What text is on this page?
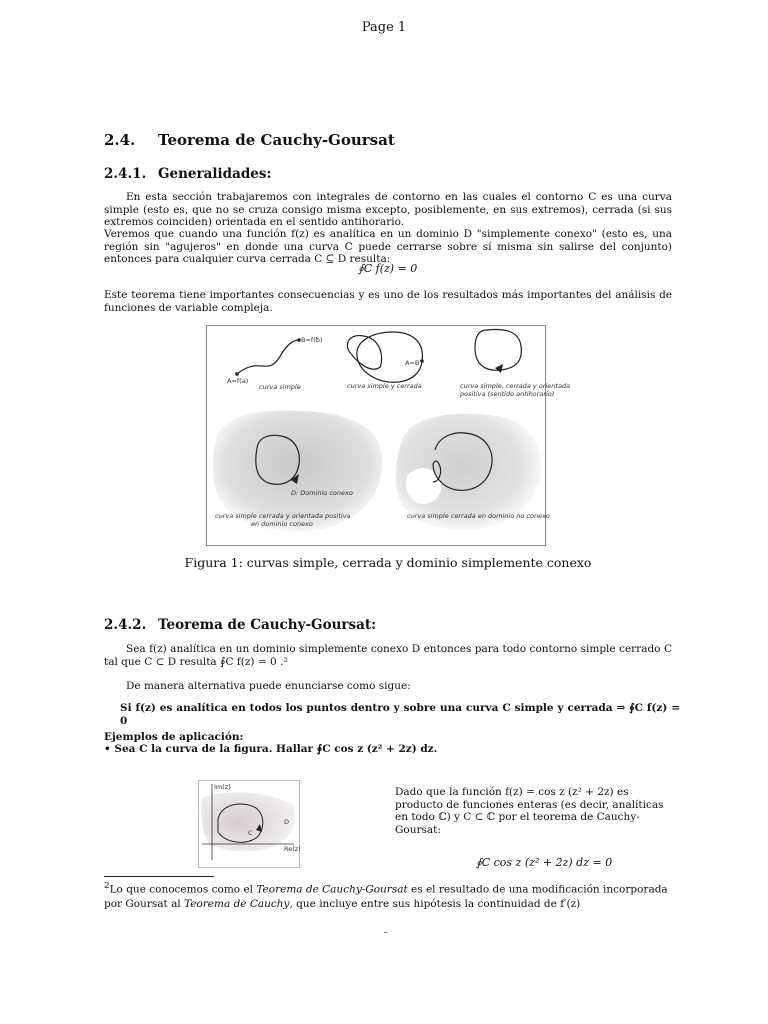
Page 1
2.4. Teorema de Cauchy-Goursat
2.4.1. Generalidades:
En esta sección trabajaremos con integrales de contorno en las cuales el contorno C es una curva simple (esto es, que no se cruza consigo misma excepto, posiblemente, en sus extremos), cerrada (si sus extremos coinciden) orientada en el sentido antihorario.
Veremos que cuando una función f(z) es analítica en un dominio D "simplemente conexo" (esto es, una región sin "agujeros" en donde una curva C puede cerrarse sobre sí misma sin salirse del conjunto) entonces para cualquier curva cerrada C ⊆ D resulta:
∮C f(z) = 0
Este teorema tiene importantes consecuencias y es uno de los resultados más importantes del análisis de funciones de variable compleja.
B=f(b)
A=f(a)
curva simple
A=B
curva simple y cerrada	curva simple, cerrada y orientada
positiva (sentido antihorario)
D: Dominio conexo
curva simple cerrada y orientada positiva
en dominio conexo
curva simple cerrada en dominio no conexo
Figura 1: curvas simple, cerrada y dominio simplemente conexo
2.4.2. Teorema de Cauchy-Goursat:
Sea f(z) analítica en un dominio simplemente conexo D entonces para todo contorno simple cerrado C tal que C ⊂ D resulta ∮C f(z) = 0 .²
De manera alternativa puede enunciarse como sigue:
Si f(z) es analítica en todos los puntos dentro y sobre una curva C simple y cerrada ⇒ ∮C f(z) = 0
Ejemplos de aplicación:
• Sea C la curva de la figura. Hallar ∮C cos z (z² + 2z) dz.
Im(z)
Re(z)
C
D
Dado que la función f(z) = cos z (z² + 2z) es producto de funciones enteras (es decir, analíticas en todo ℂ) y C ⊂ ℂ por el teorema de Cauchy-Goursat:
∮C cos z (z² + 2z) dz = 0
$^2$Lo que conocemos como el Teorema de Cauchy-Goursat es el resultado de una modificación incorporada por Goursat al Teorema de Cauchy, que incluye entre sus hipótesis la continuidad de f′(z)
-
